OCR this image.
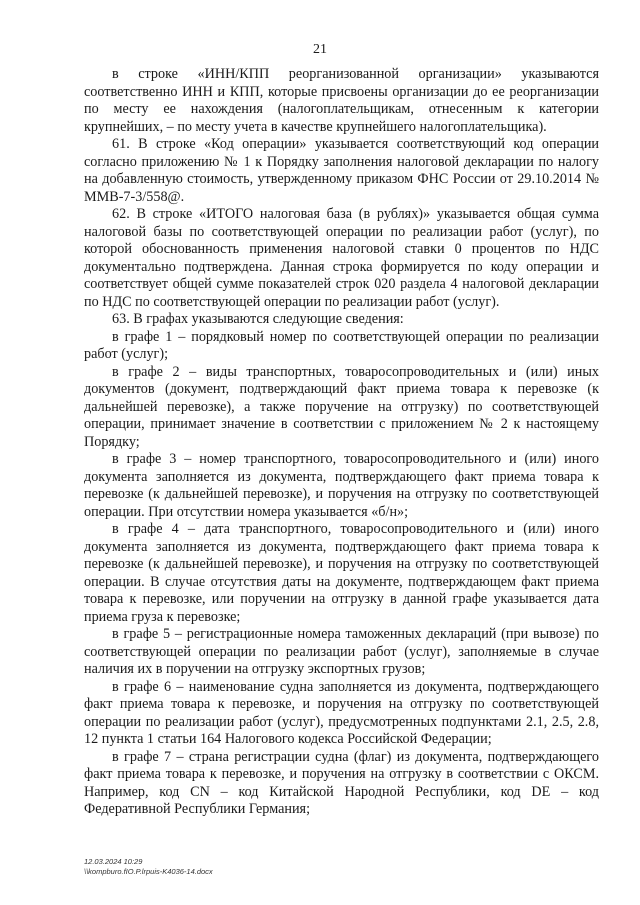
21

в строке «ИНН/КПП реорганизованной организации» указываются соответственно ИНН и КПП, которые присвоены организации до ее реорганизации по месту ее нахождения (налогоплательщикам, отнесенным к категории крупнейших, – по месту учета в качестве крупнейшего налогоплательщика).

61. В строке «Код операции» указывается соответствующий код операции согласно приложению № 1 к Порядку заполнения налоговой декларации по налогу на добавленную стоимость, утвержденному приказом ФНС России от 29.10.2014 № ММВ-7-3/558@.

62. В строке «ИТОГО налоговая база (в рублях)» указывается общая сумма налоговой базы по соответствующей операции по реализации работ (услуг), по которой обоснованность применения налоговой ставки 0 процентов по НДС документально подтверждена. Данная строка формируется по коду операции и соответствует общей сумме показателей строк 020 раздела 4 налоговой декларации по НДС по соответствующей операции по реализации работ (услуг).

63. В графах указываются следующие сведения:

в графе 1 – порядковый номер по соответствующей операции по реализации работ (услуг);

в графе 2 – виды транспортных, товаросопроводительных и (или) иных документов (документ, подтверждающий факт приема товара к перевозке (к дальнейшей перевозке), а также поручение на отгрузку) по соответствующей операции, принимает значение в соответствии с приложением № 2 к настоящему Порядку;

в графе 3 – номер транспортного, товаросопроводительного и (или) иного документа заполняется из документа, подтверждающего факт приема товара к перевозке (к дальнейшей перевозке), и поручения на отгрузку по соответствующей операции. При отсутствии номера указывается «б/н»;

в графе 4 – дата транспортного, товаросопроводительного и (или) иного документа заполняется из документа, подтверждающего факт приема товара к перевозке (к дальнейшей перевозке), и поручения на отгрузку по соответствующей операции. В случае отсутствия даты на документе, подтверждающем факт приема товара к перевозке, или поручении на отгрузку в данной графе указывается дата приема груза к перевозке;

в графе 5 – регистрационные номера таможенных деклараций (при вывозе) по соответствующей операции по реализации работ (услуг), заполняемые в случае наличия их в поручении на отгрузку экспортных грузов;

в графе 6 – наименование судна заполняется из документа, подтверждающего факт приема товара к перевозке, и поручения на отгрузку по соответствующей операции по реализации работ (услуг), предусмотренных подпунктами 2.1, 2.5, 2.8, 12 пункта 1 статьи 164 Налогового кодекса Российской Федерации;

в графе 7 – страна регистрации судна (флаг) из документа, подтверждающего факт приема товара к перевозке, и поручения на отгрузку в соответствии с ОКСМ. Например, код CN – код Китайской Народной Республики, код DE – код Федеративной Республики Германия;

12.03.2024 10:29
\\kompburo.fIO.P.lrpuis-K4036-14.docx
